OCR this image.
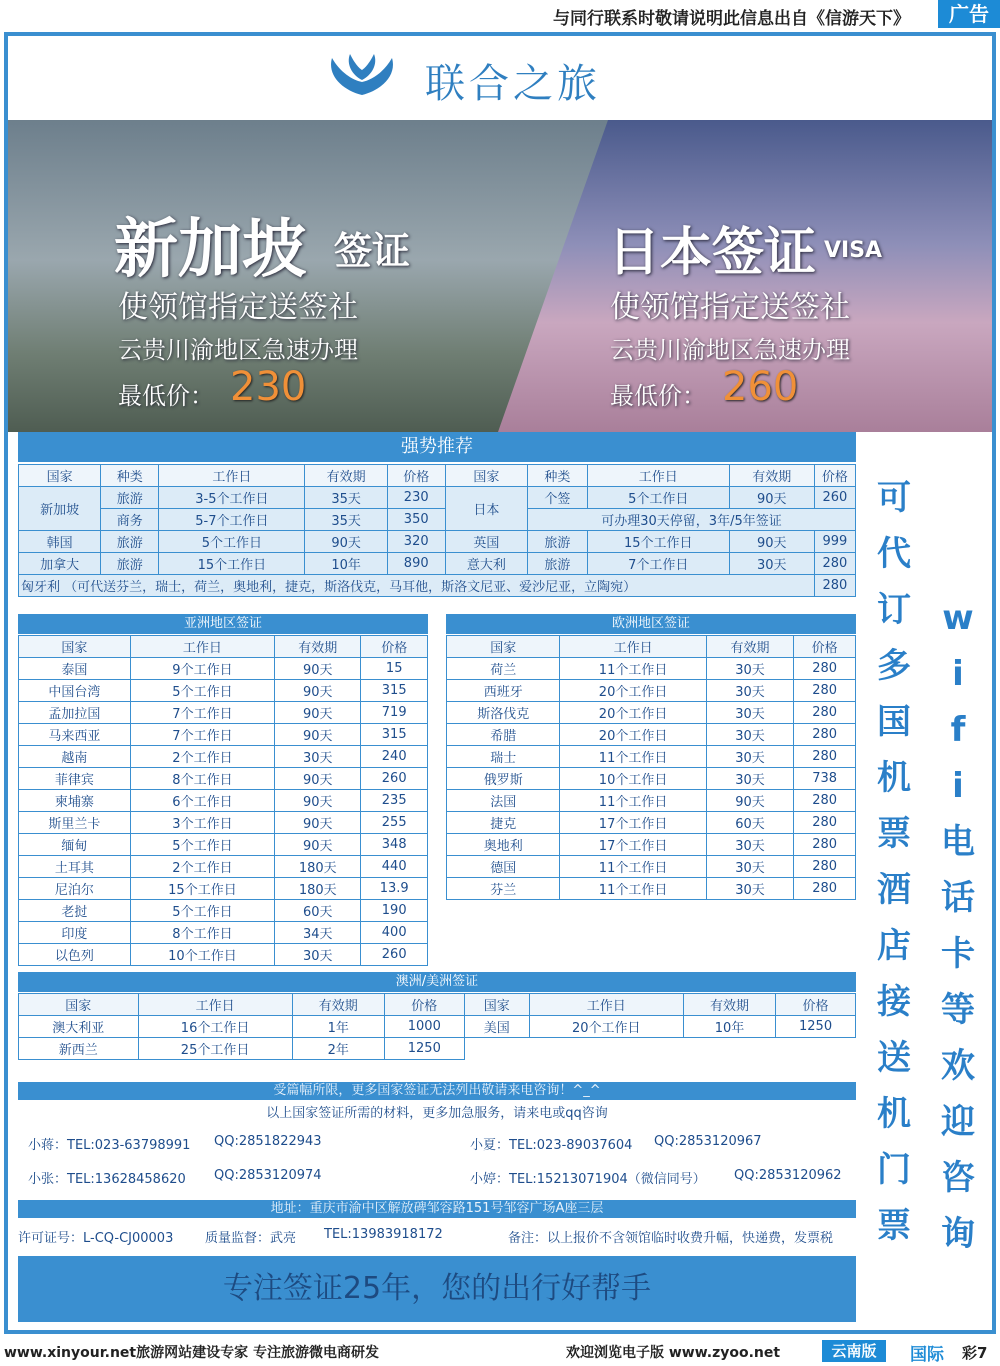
与同行联系时敬请说明此信息出自《信游天下》	广告
联合之旅
新加坡 签证
使领馆指定送签社
云贵川渝地区急速办理
最低价： 230
日本签证 VISA
使领馆指定送签社
云贵川渝地区急速办理
最低价： 260
强势推荐
国家	种类	工作日	有效期	价格	国家	种类	工作日	有效期	价格
新加坡	旅游	3-5个工作日	35天	230	日本	个签	5个工作日	90天	260
	商务	5-7个工作日	35天	350		可办理30天停留，3年/5年签证			
韩国	旅游	5个工作日	90天	320	英国	旅游	15个工作日	90天	999
加拿大	旅游	15个工作日	10年	890	意大利	旅游	7个工作日	30天	280
匈牙利 （可代送芬兰，瑞士，荷兰，奥地利，捷克，斯洛伐克，马耳他，斯洛文尼亚、爱沙尼亚，立陶宛）									280
亚洲地区签证
国家	工作日	有效期	价格
泰国	9个工作日	90天	15
中国台湾	5个工作日	90天	315
孟加拉国	7个工作日	90天	719
马来西亚	7个工作日	90天	315
越南	2个工作日	30天	240
菲律宾	8个工作日	90天	260
柬埔寨	6个工作日	90天	235
斯里兰卡	3个工作日	90天	255
缅甸	5个工作日	90天	348
土耳其	2个工作日	180天	440
尼泊尔	15个工作日	180天	13.9
老挝	5个工作日	60天	190
印度	8个工作日	34天	400
以色列	10个工作日	30天	260
欧洲地区签证
国家	工作日	有效期	价格
荷兰	11个工作日	30天	280
西班牙	20个工作日	30天	280
斯洛伐克	20个工作日	30天	280
希腊	20个工作日	30天	280
瑞士	11个工作日	30天	280
俄罗斯	10个工作日	30天	738
法国	11个工作日	90天	280
捷克	17个工作日	60天	280
奥地利	17个工作日	30天	280
德国	11个工作日	30天	280
芬兰	11个工作日	30天	280
澳洲/美洲签证
国家	工作日	有效期	价格	国家	工作日	有效期	价格
澳大利亚	16个工作日	1年	1000	美国	20个工作日	10年	1250
新西兰	25个工作日	2年	1250				
可
代
订
多
国
机
票
酒
店
接
送
机
门
票
w
i
f
i
电
话
卡
等
欢
迎
咨
询
受篇幅所限，更多国家签证无法列出敬请来电咨询！^_^
以上国家签证所需的材料，更多加急服务，请来电或qq咨询
小蒋：TEL:023-63798991 QQ:2851822943	小夏：TEL:023-89037604 QQ:2853120967
小张：TEL:13628458620 QQ:2853120974	小婷：TEL:15213071904（微信同号） QQ:2853120962
地址：重庆市渝中区解放碑邹容路151号邹容广场A座三层
许可证号：L-CQ-CJ00003 质量监督：武亮 TEL:13983918172	备注：以上报价不含领馆临时收费升幅，快递费，发票税
专注签证25年，您的出行好帮手
www.xinyour.net旅游网站建设专家 专注旅游微电商研发	欢迎浏览电子版 www.zyoo.net	云南版	国际 彩7
